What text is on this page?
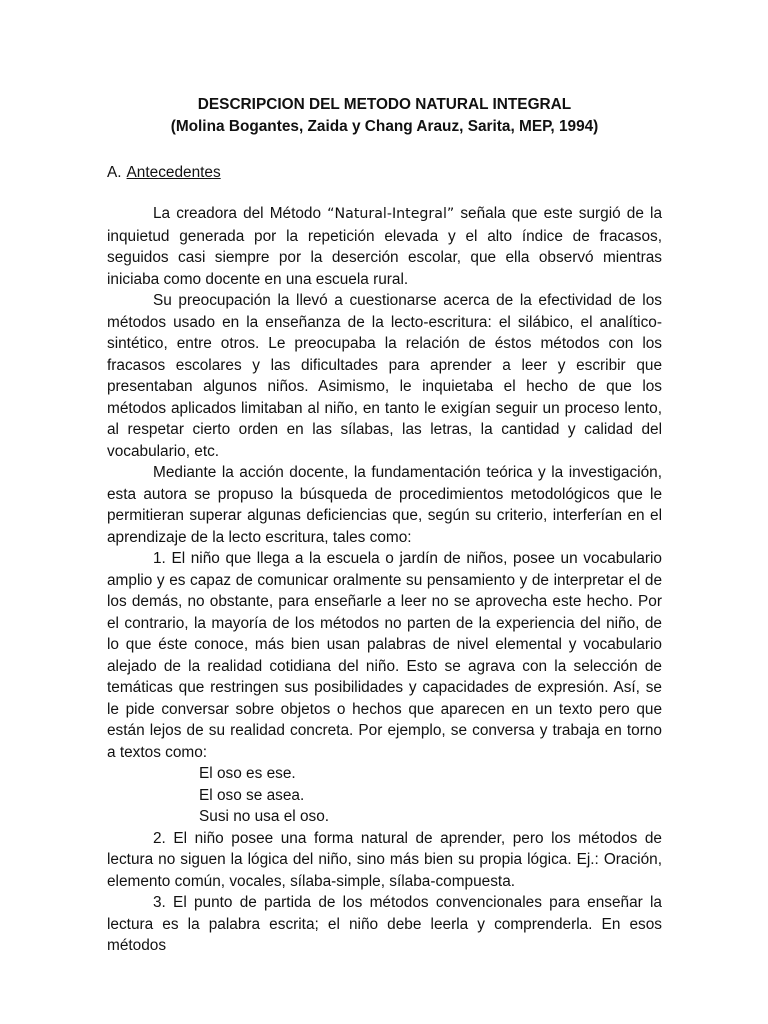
DESCRIPCION DEL METODO NATURAL INTEGRAL
(Molina Bogantes, Zaida y Chang Arauz, Sarita, MEP, 1994)
A. Antecedentes

La creadora del Método “Natural-Integral” señala que este surgió de la inquietud generada por la repetición elevada y el alto índice de fracasos, seguidos casi siempre por la deserción escolar, que ella observó mientras iniciaba como docente en una escuela rural.

Su preocupación la llevó a cuestionarse acerca de la efectividad de los métodos usado en la enseñanza de la lecto-escritura: el silábico, el analítico-sintético, entre otros. Le preocupaba la relación de éstos métodos con los fracasos escolares y las dificultades para aprender a leer y escribir que presentaban algunos niños. Asimismo, le inquietaba el hecho de que los métodos aplicados limitaban al niño, en tanto le exigían seguir un proceso lento, al respetar cierto orden en las sílabas, las letras, la cantidad y calidad del vocabulario, etc.

Mediante la acción docente, la fundamentación teórica y la investigación, esta autora se propuso la búsqueda de procedimientos metodológicos que le permitieran superar algunas deficiencias que, según su criterio, interferían en el aprendizaje de la lecto escritura, tales como:

1. El niño que llega a la escuela o jardín de niños, posee un vocabulario amplio y es capaz de comunicar oralmente su pensamiento y de interpretar el de los demás, no obstante, para enseñarle a leer no se aprovecha este hecho. Por el contrario, la mayoría de los métodos no parten de la experiencia del niño, de lo que éste conoce, más bien usan palabras de nivel elemental y vocabulario alejado de la realidad cotidiana del niño. Esto se agrava con la selección de temáticas que restringen sus posibilidades y capacidades de expresión. Así, se le pide conversar sobre objetos o hechos que aparecen en un texto pero que están lejos de su realidad concreta. Por ejemplo, se conversa y trabaja en torno a textos como:

El oso es ese.
El oso se asea.
Susi no usa el oso.

2. El niño posee una forma natural de aprender, pero los métodos de lectura no siguen la lógica del niño, sino más bien su propia lógica. Ej.: Oración, elemento común, vocales, sílaba-simple, sílaba-compuesta.

3. El punto de partida de los métodos convencionales para enseñar la lectura es la palabra escrita; el niño debe leerla y comprenderla. En esos métodos
